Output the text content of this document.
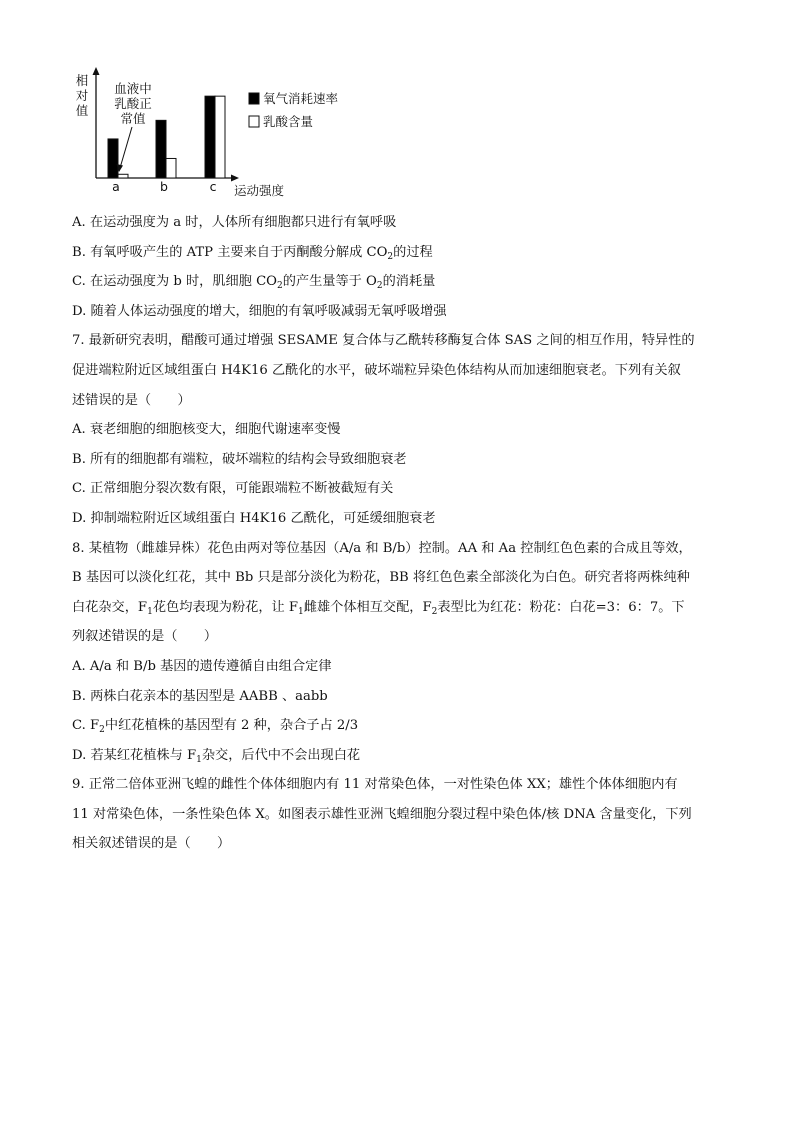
相
对
值
运动强度
a	b	c
血液中
乳酸正
常值
氧气消耗速率
乳酸含量
A. 在运动强度为 a 时，人体所有细胞都只进行有氧呼吸
B. 有氧呼吸产生的 ATP 主要来自于丙酮酸分解成 $CO_2$的过程
C. 在运动强度为 b 时，肌细胞 $CO_2$的产生量等于 $O_2$的消耗量
D. 随着人体运动强度的增大，细胞的有氧呼吸减弱无氧呼吸增强
7. 最新研究表明，醋酸可通过增强 SESAME 复合体与乙酰转移酶复合体 SAS 之间的相互作用，特异性的
促进端粒附近区域组蛋白 H4K16 乙酰化的水平，破坏端粒异染色体结构从而加速细胞衰老。下列有关叙
述错误的是（　　）
A. 衰老细胞的细胞核变大，细胞代谢速率变慢
B. 所有的细胞都有端粒，破坏端粒的结构会导致细胞衰老
C. 正常细胞分裂次数有限，可能跟端粒不断被截短有关
D. 抑制端粒附近区域组蛋白 H4K16 乙酰化，可延缓细胞衰老
8. 某植物（雌雄异株）花色由两对等位基因（A/a 和 B/b）控制。AA 和 Aa 控制红色色素的合成且等效，
B 基因可以淡化红花，其中 Bb 只是部分淡化为粉花，BB 将红色色素全部淡化为白色。研究者将两株纯种
白花杂交，$F_1$花色均表现为粉花，让 $F_1$雌雄个体相互交配，$F_2$表型比为红花：粉花：白花=3：6：7。下
列叙述错误的是（　　）
A. A/a 和 B/b 基因的遗传遵循自由组合定律
B. 两株白花亲本的基因型是 AABB 、aabb
C. $F_2$中红花植株的基因型有 2 种，杂合子占 2/3
D. 若某红花植株与 $F_1$杂交，后代中不会出现白花
9. 正常二倍体亚洲飞蝗的雌性个体体细胞内有 11 对常染色体，一对性染色体 XX；雄性个体体细胞内有
11 对常染色体，一条性染色体 X。如图表示雄性亚洲飞蝗细胞分裂过程中染色体/核 DNA 含量变化，下列
相关叙述错误的是（　　）
